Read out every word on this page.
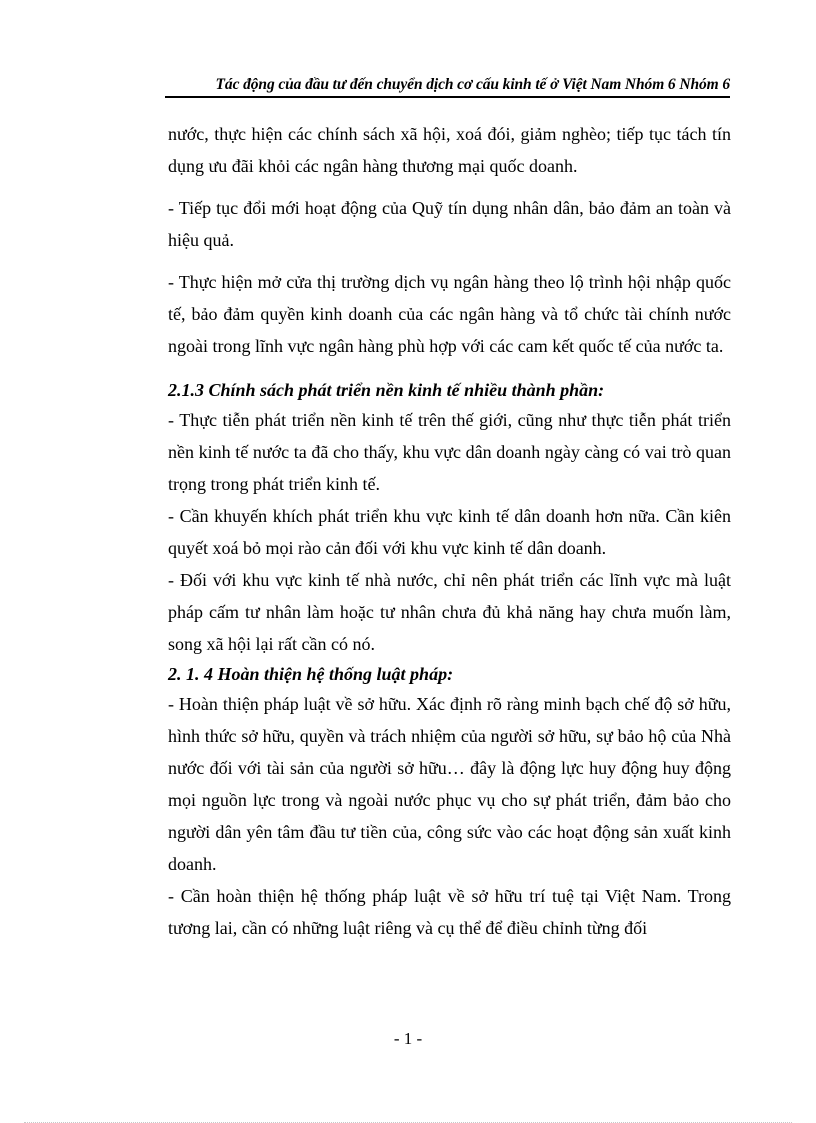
Tác động của đầu tư đến chuyển dịch cơ cấu kinh tế ở Việt Nam Nhóm 6 Nhóm 6

nước, thực hiện các chính sách xã hội, xoá đói, giảm nghèo; tiếp tục tách tín dụng ưu đãi khỏi các ngân hàng thương mại quốc doanh.

- Tiếp tục đổi mới hoạt động của Quỹ tín dụng nhân dân, bảo đảm an toàn và hiệu quả.

- Thực hiện mở cửa thị trường dịch vụ ngân hàng theo lộ trình hội nhập quốc tế, bảo đảm quyền kinh doanh của các ngân hàng và tổ chức tài chính nước ngoài trong lĩnh vực ngân hàng phù hợp với các cam kết quốc tế của nước ta.

2.1.3 Chính sách phát triển nền kinh tế nhiều thành phần:

- Thực tiễn phát triển nền kinh tế trên thế giới, cũng như thực tiễn phát triển nền kinh tế nước ta đã cho thấy, khu vực dân doanh ngày càng có vai trò quan trọng trong phát triển kinh tế.

- Cần khuyến khích phát triển khu vực kinh tế dân doanh hơn nữa. Cần kiên quyết xoá bỏ mọi rào cản đối với khu vực kinh tế dân doanh.

- Đối với khu vực kinh tế nhà nước, chỉ nên phát triển các lĩnh vực mà luật pháp cấm tư nhân làm hoặc tư nhân chưa đủ khả năng hay chưa muốn làm, song xã hội lại rất cần có nó.

2. 1. 4 Hoàn thiện hệ thống luật pháp:

- Hoàn thiện pháp luật về sở hữu. Xác định rõ ràng minh bạch chế độ sở hữu, hình thức sở hữu, quyền và trách nhiệm của người sở hữu, sự bảo hộ của Nhà nước đối với tài sản của người sở hữu… đây là động lực huy động huy động mọi nguồn lực trong và ngoài nước phục vụ cho sự phát triển, đảm bảo cho người dân yên tâm đầu tư tiền của, công sức vào các hoạt động sản xuất kinh doanh.

- Cần hoàn thiện hệ thống pháp luật về sở hữu trí tuệ tại Việt Nam. Trong tương lai, cần có những luật riêng và cụ thể để điều chỉnh từng đối

- 1 -
